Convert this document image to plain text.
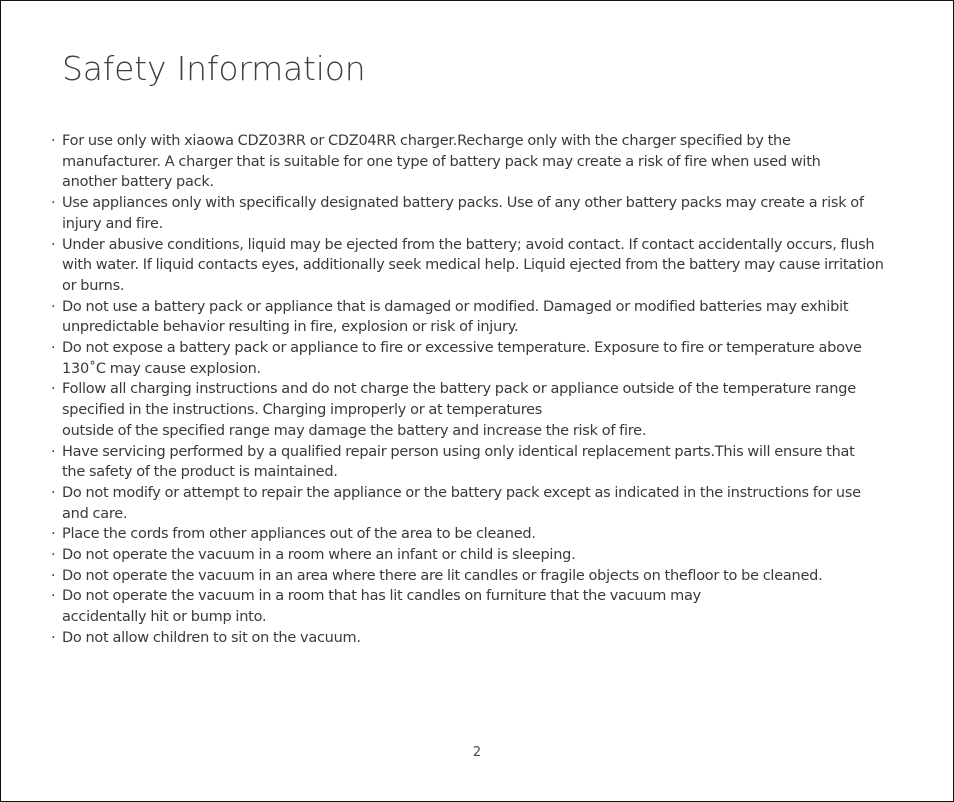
Safety Information
· For use only with xiaowa CDZ03RR or CDZ04RR charger.Recharge only with the charger specified by the
manufacturer. A charger that is suitable for one type of battery pack may create a risk of fire when used with
another battery pack.
· Use appliances only with specifically designated battery packs. Use of any other battery packs may create a risk of
injury and fire.
· Under abusive conditions, liquid may be ejected from the battery; avoid contact. If contact accidentally occurs, flush
with water. If liquid contacts eyes, additionally seek medical help. Liquid ejected from the battery may cause irritation
or burns.
· Do not use a battery pack or appliance that is damaged or modified. Damaged or modified batteries may exhibit
unpredictable behavior resulting in fire, explosion or risk of injury.
· Do not expose a battery pack or appliance to fire or excessive temperature. Exposure to fire or temperature above
130˚C may cause explosion.
· Follow all charging instructions and do not charge the battery pack or appliance outside of the temperature range
specified in the instructions. Charging improperly or at temperatures
outside of the specified range may damage the battery and increase the risk of fire.
· Have servicing performed by a qualified repair person using only identical replacement parts.This will ensure that
the safety of the product is maintained.
· Do not modify or attempt to repair the appliance or the battery pack except as indicated in the instructions for use
and care.
· Place the cords from other appliances out of the area to be cleaned.
· Do not operate the vacuum in a room where an infant or child is sleeping.
· Do not operate the vacuum in an area where there are lit candles or fragile objects on thefloor to be cleaned.
· Do not operate the vacuum in a room that has lit candles on furniture that the vacuum may
accidentally hit or bump into.
· Do not allow children to sit on the vacuum.
2
